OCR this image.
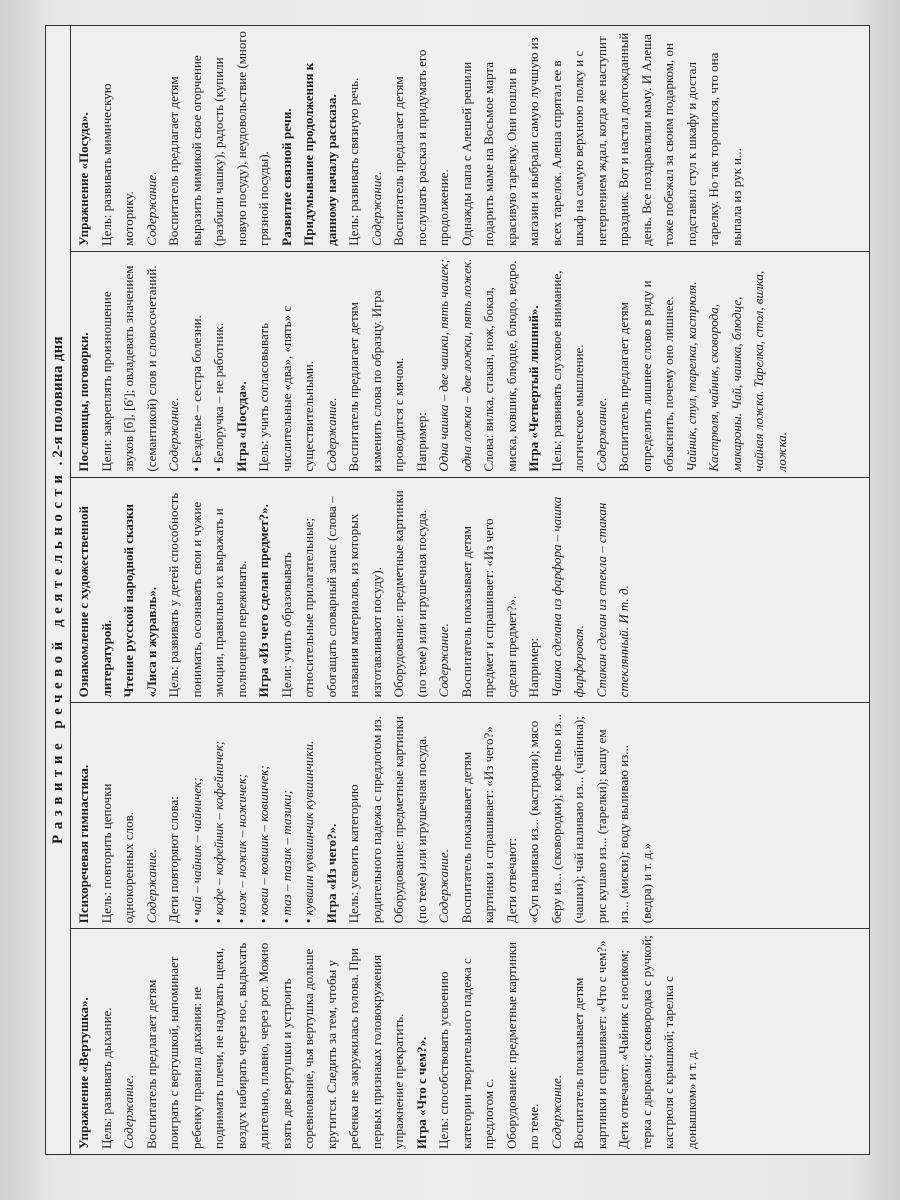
Развитие речевой деятельности
.
2-я половина дня

Упражнение «Вертушка». Цель: развивать дыхание. Содержание. Воспитатель предлагает детям поиграть с вертушкой, напоминает ребенку правила дыхания: не поднимать плечи, не надувать щеки, воздух набирать через нос, выдыхать длительно, плавно, через рот. Можно взять две вертушки и устроить соревнование, чья вертушка дольше крутится. Следить за тем, чтобы у ребенка не закружилась голова. При первых признаках головокружения упражнение прекратить. Игра «Что с чем?». Цель: способствовать усвоению категории творительного падежа с предлогом с. Оборудование: предметные картинки по теме. Содержание. Воспитатель показывает детям картинки и спрашивает: «Что с чем?» Дети отвечают: «Чайник с носиком; терка с дырками; сковородка с ручкой; кастрюля с крышкой; тарелка с донышком» и т. д.

Психоречевая гимнастика. Цель: повторить цепочки однокоренных слов. Содержание. Дети повторяют слова: • чай – чайник – чайничек; • кофе – кофейник – кофейничек; • нож – ножик – ножичек; • ковш – ковшик – ковшичек; • таз – тазик – тазики; • кувшин кувшинчик кувшинчики. Игра «Из чего?». Цель: усвоить категорию родительного падежа с предлогом из. Оборудование: предметные картинки (по теме) или игрушечная посуда. Содержание. Воспитатель показывает детям картинки и спрашивает: «Из чего?» Дети отвечают: «Суп наливаю из... (кастрюли); мясо беру из... (сковородки); кофе пью из... (чашки); чай наливаю из... (чайника); рис кушаю из... (тарелки); кашу ем из... (миски); воду выливаю из... (ведра) и т. д.»

Ознакомление с художественной литературой. Чтение русской народной сказки «Лиса и журавль». Цель: развивать у детей способность понимать, осознавать свои и чужие эмоции, правильно их выражать и полноценно переживать. Игра «Из чего сделан предмет?». Цели: учить образовывать относительные прилагательные; обогащать словарный запас (слова – названия материалов, из которых изготавливают посуду). Оборудование: предметные картинки (по теме) или игрушечная посуда. Содержание. Воспитатель показывает детям предмет и спрашивает: «Из чего сделан предмет?». Например: Чашка сделана из фарфора – чашка фарфоровая. Стакан сделан из стекла – стакан стеклянный. И т. д.

Пословицы, поговорки. Цели: закреплять произношение звуков [б], [б']; овладевать значением (семантикой) слов и словосочетаний. Содержание. • Безделье – сестра болезни. • Белоручка – не работник. Игра «Посуда». Цель: учить согласовывать числительные «два», «пять» с существительными. Содержание. Воспитатель предлагает детям изменить слова по образцу. Игра проводится с мячом. Например: Одна чашка – две чашки, пять чашек; одна ложка – две ложки, пять ложек. Слова: вилка, стакан, нож, бокал, миска, ковшик, блюдце, блюдо, ведро. Игра «Четвертый лишний». Цель: развивать слуховое внимание, логическое мышление. Содержание. Воспитатель предлагает детям определить лишнее слово в ряду и объяснить, почему оно лишнее. Чайник, стул, тарелка, кастрюля. Кастрюля, чайник, сковорода, макароны. Чай, чашка, блюдце, чайная ложка. Тарелка, стол, вилка, ложка.

Упражнение «Посуда». Цель: развивать мимическую моторику. Содержание. Воспитатель предлагает детям выразить мимикой свое огорчение (разбили чашку), радость (купили новую посуду), неудовольствие (много грязной посуды). Развитие связной речи. Придумывание продолжения к данному началу рассказа. Цель: развивать связную речь. Содержание. Воспитатель предлагает детям послушать рассказ и придумать его продолжение. Однажды папа с Алешей решили подарить маме на Восьмое марта красивую тарелку. Они пошли в магазин и выбрали самую лучшую из всех тарелок. Алеша спрятал ее в шкаф на самую верхнюю полку и с нетерпением ждал, когда же наступит праздник. Вот и настал долгожданный день. Все поздравляли маму. И Алеша тоже побежал за своим подарком, он подставил стул к шкафу и достал тарелку. Но так торопился, что она выпала из рук и...
